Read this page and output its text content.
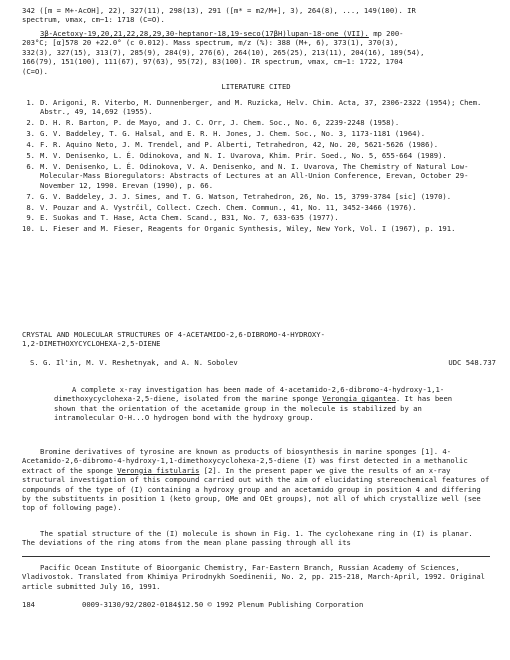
342 ([m = M+-AcOH], 22), 327(11), 298(13), 291 ([m* = m2/M+], 3), 264(8), ..., 149(100). IR

spectrum, νmax, cm−1: 1718 (C=O).

3β-Acetoxy-19,20,21,22,28,29,30-heptanor-18,19-seco(17βH)lupan-18-one (VII). mp 200-

203°C; [α]578 20 +22.0° (c 0.012). Mass spectrum, m/z (%): 388 (M+, 6), 373(1), 370(3),

332(3), 327(15), 313(7), 285(9), 284(9), 276(6), 264(10), 265(25), 213(11), 204(16), 189(54),

166(79), 151(100), 111(67), 97(63), 95(72), 83(100). IR spectrum, νmax, cm−1: 1722, 1704

(C=O).

LITERATURE CITED
1. D. Arigoni, R. Viterbo, M. Dunnenberger, and M. Ruzicka, Helv. Chim. Acta, 37, 2306-2322 (1954); Chem. Abstr., 49, 14,692 (1955).
2. D. H. R. Barton, P. de Mayo, and J. C. Orr, J. Chem. Soc., No. 6, 2239-2248 (1958).
3. G. V. Baddeley, T. G. Halsal, and E. R. H. Jones, J. Chem. Soc., No. 3, 1173-1181 (1964).
4. F. R. Aquino Neto, J. M. Trendel, and P. Alberti, Tetrahedron, 42, No. 20, 5621-5626 (1986).
5. M. V. Denisenko, L. É. Odinokova, and N. I. Uvarova, Khim. Prir. Soed., No. 5, 655-664 (1989).
6. M. V. Denisenko, L. É. Odinokova, V. A. Denisenko, and N. I. Uvarova, The Chemistry of Natural Low-Molecular-Mass Bioregulators: Abstracts of Lectures at an All-Union Conference, Erevan, October 29-November 12, 1990. Erevan (1990), p. 66.
7. G. V. Baddeley, J. J. Simes, and T. G. Watson, Tetrahedron, 26, No. 15, 3799-3784 [sic] (1970).
8. V. Pouzar and A. Vystrčil, Collect. Czech. Chem. Commun., 41, No. 11, 3452-3466 (1976).
9. E. Suokas and T. Hase, Acta Chem. Scand., B31, No. 7, 633-635 (1977).
10. L. Fieser and M. Fieser, Reagents for Organic Synthesis, Wiley, New York, Vol. I (1967), p. 191.

CRYSTAL AND MOLECULAR STRUCTURES OF 4-ACETAMIDO-2,6-DIBROMO-4-HYDROXY-

1,2-DIMETHOXYCYCLOHEXA-2,5-DIENE

S. G. Il'in, M. V. Reshetnyak, and A. N. Sobolev	UDC 548.737

A complete x-ray investigation has been made of 4-acetamido-2,6-dibromo-4-hydroxy-1,1-dimethoxycyclohexa-2,5-diene, isolated from the marine sponge Verongia gigantea. It has been shown that the orientation of the acetamide group in the molecule is stabilized by an intramolecular O-H...O hydrogen bond with the hydroxy group.

Bromine derivatives of tyrosine are known as products of biosynthesis in marine sponges [1]. 4-Acetamido-2,6-dibromo-4-hydroxy-1,1-dimethoxycyclohexa-2,5-diene (I) was first detected in a methanolic extract of the sponge Verongia fistularis [2]. In the present paper we give the results of an x-ray structural investigation of this compound carried out with the aim of elucidating stereochemical features of compounds of the type of (I) containing a hydroxy group and an acetamido group in position 4 and differing by the substituents in position 1 (keto group, OMe and OEt groups), not all of which crystallize well (see top of following page).

The spatial structure of the (I) molecule is shown in Fig. 1. The cyclohexane ring in (I) is planar. The deviations of the ring atoms from the mean plane passing through all its

Pacific Ocean Institute of Bioorganic Chemistry, Far-Eastern Branch, Russian Academy of Sciences, Vladivostok. Translated from Khimiya Prirodnykh Soedinenii, No. 2, pp. 215-218, March-April, 1992. Original article submitted July 16, 1991.

184	0009-3130/92/2802-0184$12.50 © 1992 Plenum Publishing Corporation
